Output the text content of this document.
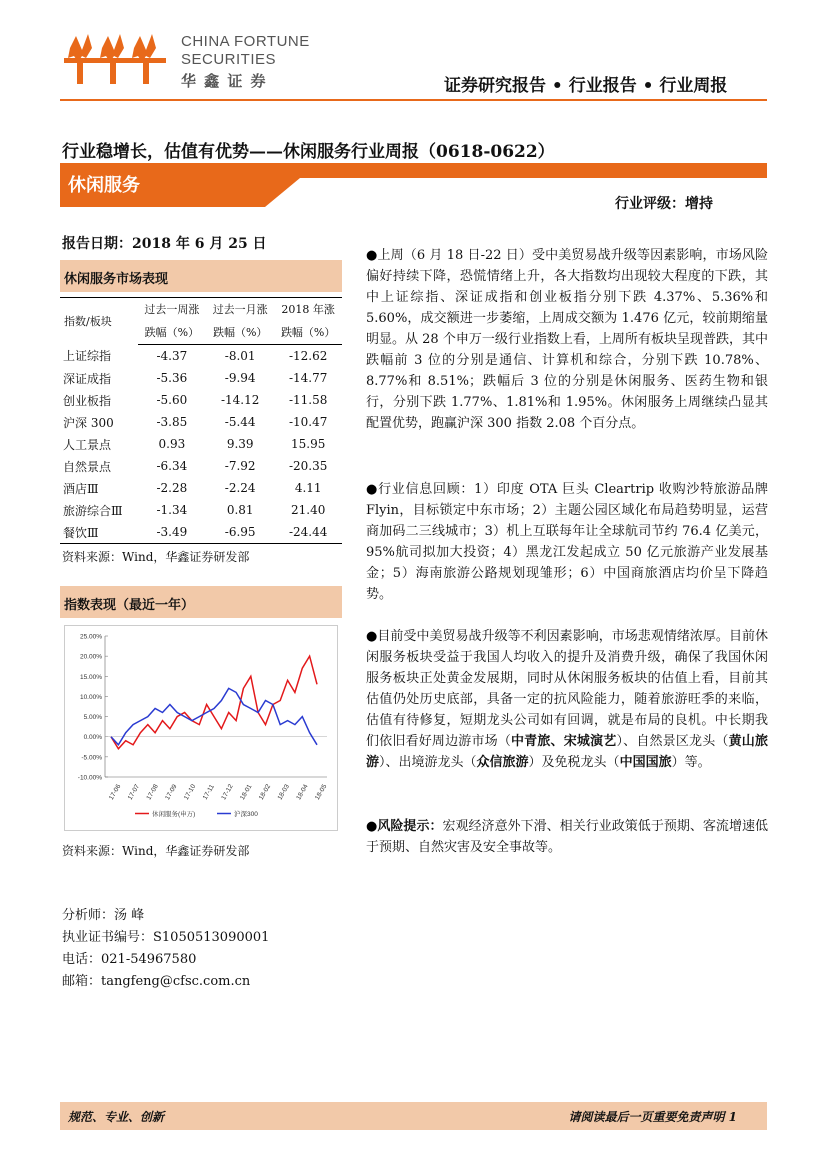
CHINA FORTUNE
SECURITIES
华 鑫 证 券	证券研究报告 • 行业报告 • 行业周报
行业稳增长，估值有优势——休闲服务行业周报（0618-0622）
休闲服务
行业评级：增持
报告日期：2018 年 6 月 25 日
休闲服务市场表现
指数/板块	过去一周涨	过去一月涨	2018 年涨
	跌幅（%）	跌幅（%）	跌幅（%）
上证综指	-4.37	-8.01	-12.62
深证成指	-5.36	-9.94	-14.77
创业板指	-5.60	-14.12	-11.58
沪深 300	-3.85	-5.44	-10.47
人工景点	0.93	9.39	15.95
自然景点	-6.34	-7.92	-20.35
酒店Ⅲ	-2.28	-2.24	4.11
旅游综合Ⅲ	-1.34	0.81	21.40
餐饮Ⅲ	-3.49	-6.95	-24.44
资料来源：Wind，华鑫证券研发部
指数表现（最近一年）
25.00%
20.00%
15.00%
10.00%
5.00%
0.00%
-5.00%
-10.00%
17-06 17-07 17-08 17-09 17-10 17-11 17-12 18-01 18-02 18-03 18-04 18-05
休闲服务(申万)	沪深300
资料来源：Wind，华鑫证券研发部

●上周（6 月 18 日-22 日）受中美贸易战升级等因素影响，市场风险偏好持续下降，恐慌情绪上升，各大指数均出现较大程度的下跌，其中上证综指、深证成指和创业板指分别下跌 4.37%、5.36%和 5.60%，成交额进一步萎缩，上周成交额为 1.476 亿元，较前期缩量明显。从 28 个申万一级行业指数上看，上周所有板块呈现普跌，其中跌幅前 3 位的分别是通信、计算机和综合，分别下跌 10.78%、8.77%和 8.51%；跌幅后 3 位的分别是休闲服务、医药生物和银行，分别下跌 1.77%、1.81%和 1.95%。休闲服务上周继续凸显其配置优势，跑赢沪深 300 指数 2.08 个百分点。

●行业信息回顾：1）印度 OTA 巨头 Cleartrip 收购沙特旅游品牌 Flyin，目标锁定中东市场；2）主题公园区域化布局趋势明显，运营商加码二三线城市；3）机上互联每年让全球航司节约 76.4 亿美元，95%航司拟加大投资；4）黑龙江发起成立 50 亿元旅游产业发展基金；5）海南旅游公路规划现雏形；6）中国商旅酒店均价呈下降趋势。

●目前受中美贸易战升级等不利因素影响，市场悲观情绪浓厚。目前休闲服务板块受益于我国人均收入的提升及消费升级，确保了我国休闲服务板块正处黄金发展期，同时从休闲服务板块的估值上看，目前其估值仍处历史底部，具备一定的抗风险能力，随着旅游旺季的来临，估值有待修复，短期龙头公司如有回调，就是布局的良机。中长期我们依旧看好周边游市场（中青旅、宋城演艺）、自然景区龙头（黄山旅游）、出境游龙头（众信旅游）及免税龙头（中国国旅）等。

●风险提示：宏观经济意外下滑、相关行业政策低于预期、客流增速低于预期、自然灾害及安全事故等。

分析师：汤 峰
执业证书编号：S1050513090001
电话：021-54967580
邮箱：tangfeng@cfsc.com.cn
规范、专业、创新	请阅读最后一页重要免责声明 1
